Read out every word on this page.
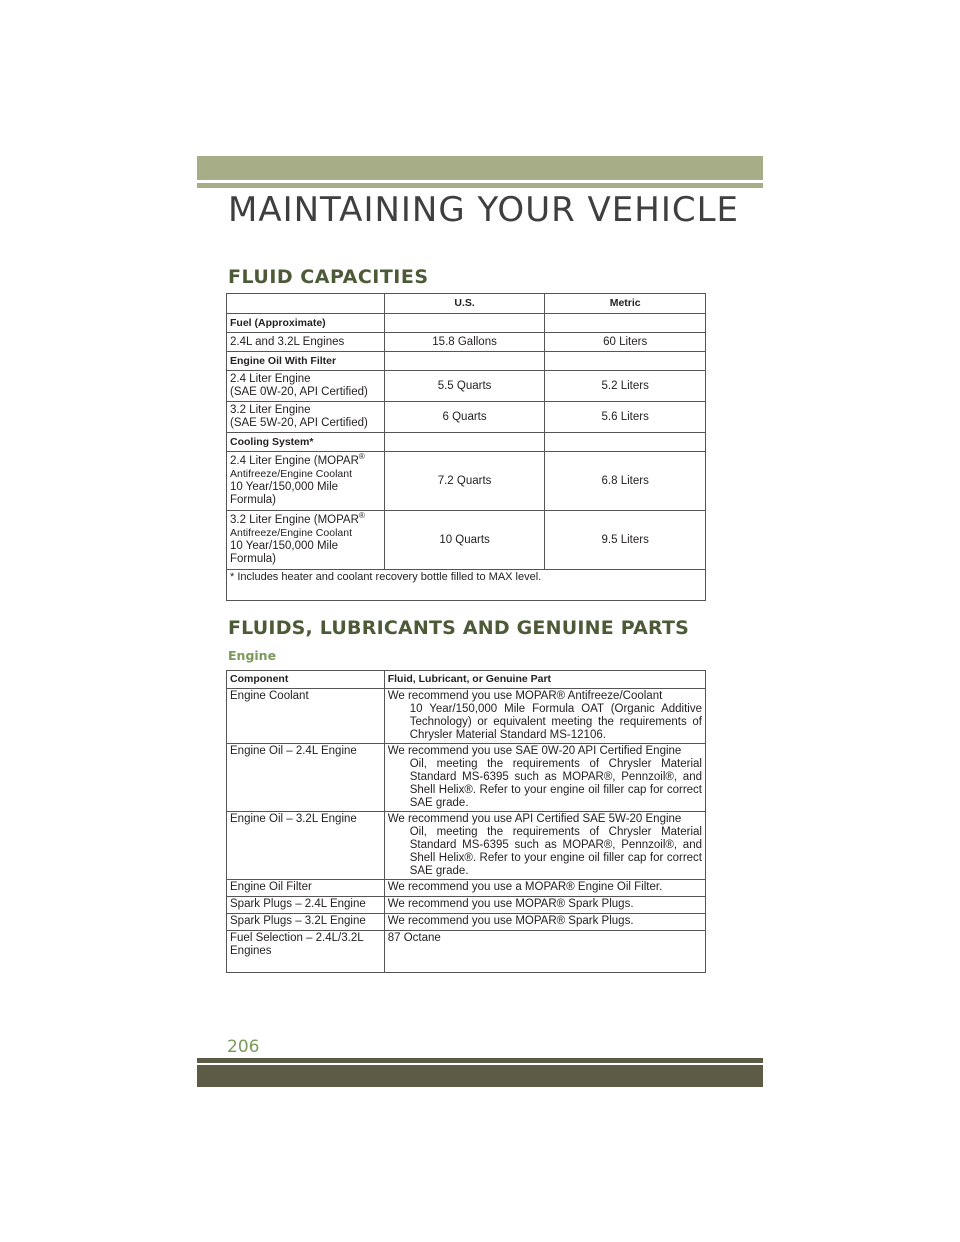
MAINTAINING YOUR VEHICLE
FLUID CAPACITIES
	U.S.	Metric
Fuel (Approximate)		
2.4L and 3.2L Engines	15.8 Gallons	60 Liters
Engine Oil With Filter		
2.4 Liter Engine
(SAE 0W-20, API Certified)	5.5 Quarts	5.2 Liters
3.2 Liter Engine
(SAE 5W-20, API Certified)	6 Quarts	5.6 Liters
Cooling System*		
2.4 Liter Engine (MOPAR®
Antifreeze/Engine Coolant
10 Year/150,000 Mile
Formula)	7.2 Quarts	6.8 Liters
3.2 Liter Engine (MOPAR®
Antifreeze/Engine Coolant
10 Year/150,000 Mile
Formula)	10 Quarts	9.5 Liters
* Includes heater and coolant recovery bottle filled to MAX level.		
FLUIDS, LUBRICANTS AND GENUINE PARTS
Engine
Component	Fluid, Lubricant, or Genuine Part
Engine Coolant	We recommend you use MOPAR® Antifreeze/Coolant
10 Year/150,000 Mile Formula OAT (Organic Additive Technology) or equivalent meeting the requirements of Chrysler Material Standard MS-12106.

Engine Oil – 2.4L Engine	We recommend you use SAE 0W-20 API Certified Engine
Oil, meeting the requirements of Chrysler Material Standard MS-6395 such as MOPAR®, Pennzoil®, and Shell Helix®. Refer to your engine oil filler cap for correct SAE grade.

Engine Oil – 3.2L Engine	We recommend you use API Certified SAE 5W-20 Engine
Oil, meeting the requirements of Chrysler Material Standard MS-6395 such as MOPAR®, Pennzoil®, and Shell Helix®. Refer to your engine oil filler cap for correct SAE grade.

Engine Oil Filter	We recommend you use a MOPAR® Engine Oil Filter.
Spark Plugs – 2.4L Engine	We recommend you use MOPAR® Spark Plugs.
Spark Plugs – 3.2L Engine	We recommend you use MOPAR® Spark Plugs.
Fuel Selection – 2.4L/3.2L Engines	87 Octane
206
